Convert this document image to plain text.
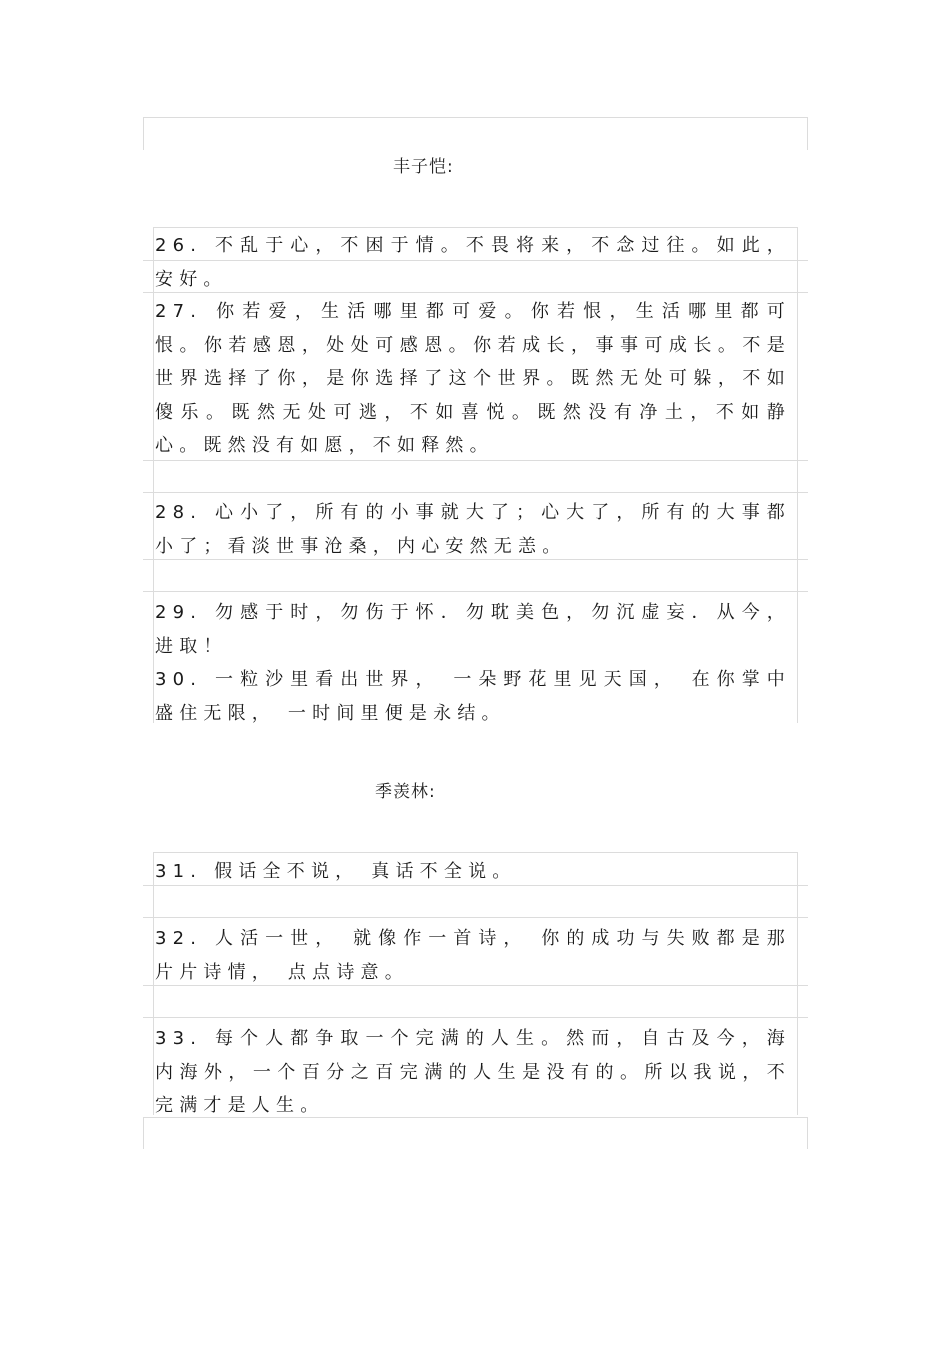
丰子恺:
26. 不乱于心，不困于情。不畏将来，不念过往。如此，安好。
27. 你若爱，生活哪里都可爱。你若恨，生活哪里都可恨。你若感恩，处处可感恩。你若成长，事事可成长。不是世界选择了你，是你选择了这个世界。既然无处可躲，不如傻乐。既然无处可逃，不如喜悦。既然没有净土，不如静心。既然没有如愿，不如释然。
28. 心小了，所有的小事就大了；心大了，所有的大事都小了；看淡世事沧桑，内心安然无恙。
29. 勿感于时，勿伤于怀．勿耽美色，勿沉虚妄．从今，进取！
30. 一粒沙里看出世界， 一朵野花里见天国， 在你掌中盛住无限， 一时间里便是永结。
季羡林:
31. 假话全不说， 真话不全说。
32. 人活一世， 就像作一首诗， 你的成功与失败都是那片片诗情， 点点诗意。
33. 每个人都争取一个完满的人生。然而，自古及今，海内海外，一个百分之百完满的人生是没有的。所以我说，不完满才是人生。
